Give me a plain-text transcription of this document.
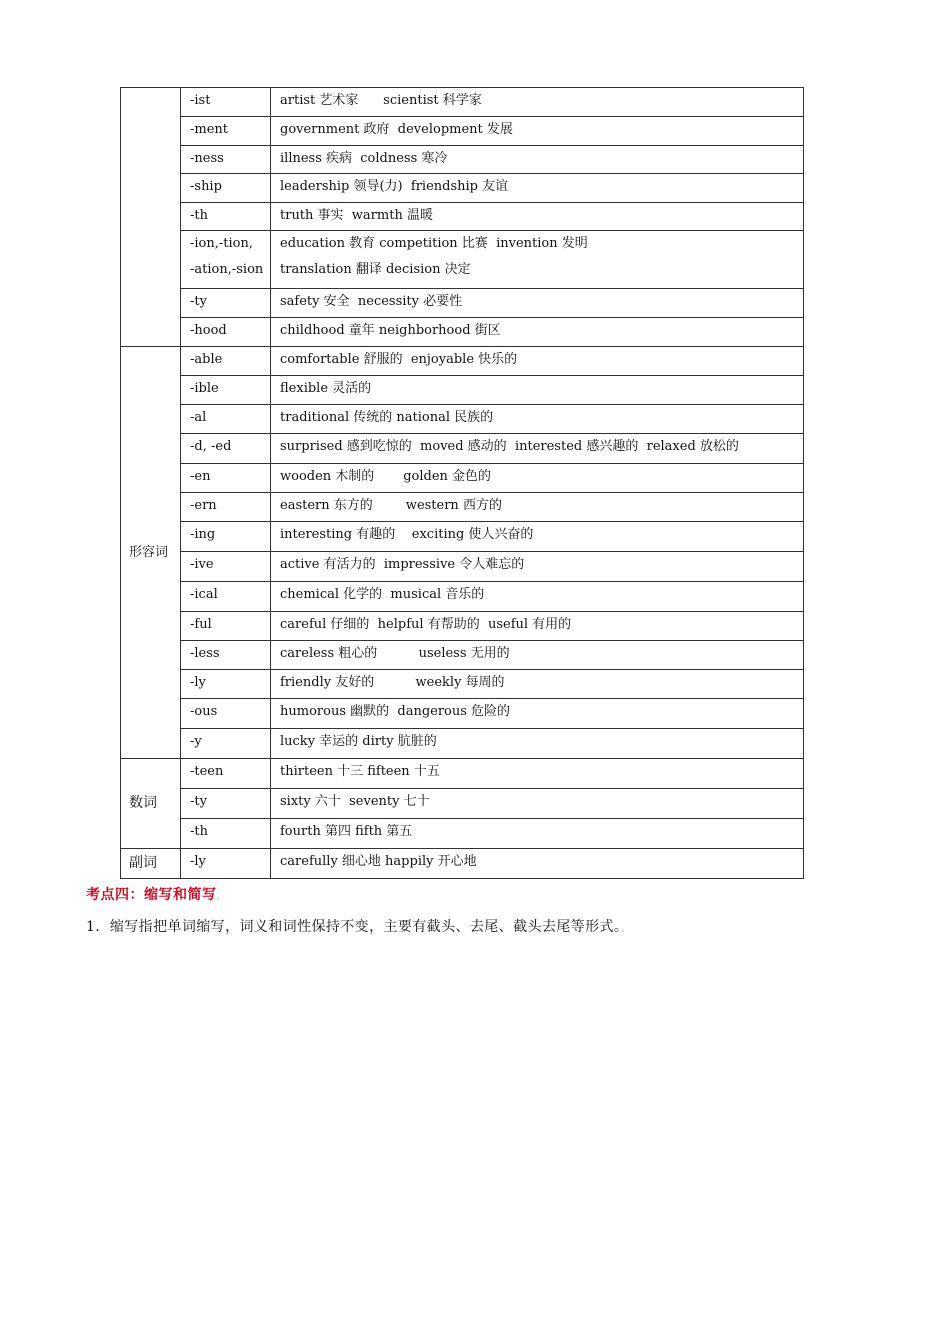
	-ist	artist 艺术家      scientist 科学家
	-ment	government 政府  development 发展
	-ness	illness 疾病  coldness 寒冷
	-ship	leadership 领导(力)  friendship 友谊
	-th	truth 事实  warmth 温暖

	-ion,-tion,
-ation,-sion	education 教育 competition 比赛  invention 发明
translation 翻译 decision 决定

	-ty	safety 安全  necessity 必要性
	-hood	childhood 童年 neighborhood 街区
形容词	-able	comfortable 舒服的  enjoyable 快乐的
	-ible	flexible 灵活的
	-al	traditional 传统的 national 民族的
	-d, -ed	surprised 感到吃惊的  moved 感动的  interested 感兴趣的  relaxed 放松的
	-en	wooden 木制的       golden 金色的
	-ern	eastern 东方的        western 西方的
	-ing	interesting 有趣的    exciting 使人兴奋的
	-ive	active 有活力的  impressive 令人难忘的
	-ical	chemical 化学的  musical 音乐的
	-ful	careful 仔细的  helpful 有帮助的  useful 有用的
	-less	careless 粗心的          useless 无用的
	-ly	friendly 友好的          weekly 每周的
	-ous	humorous 幽默的  dangerous 危险的
	-y	lucky 幸运的 dirty 肮脏的
数词	-teen	thirteen 十三 fifteen 十五
	-ty	sixty 六十  seventy 七十
	-th	fourth 第四 fifth 第五
副词	-ly	carefully 细心地 happily 开心地
考点四：缩写和简写。
1. 缩写指把单词缩写，词义和词性保持不变，主要有截头、去尾、截头去尾等形式。。
